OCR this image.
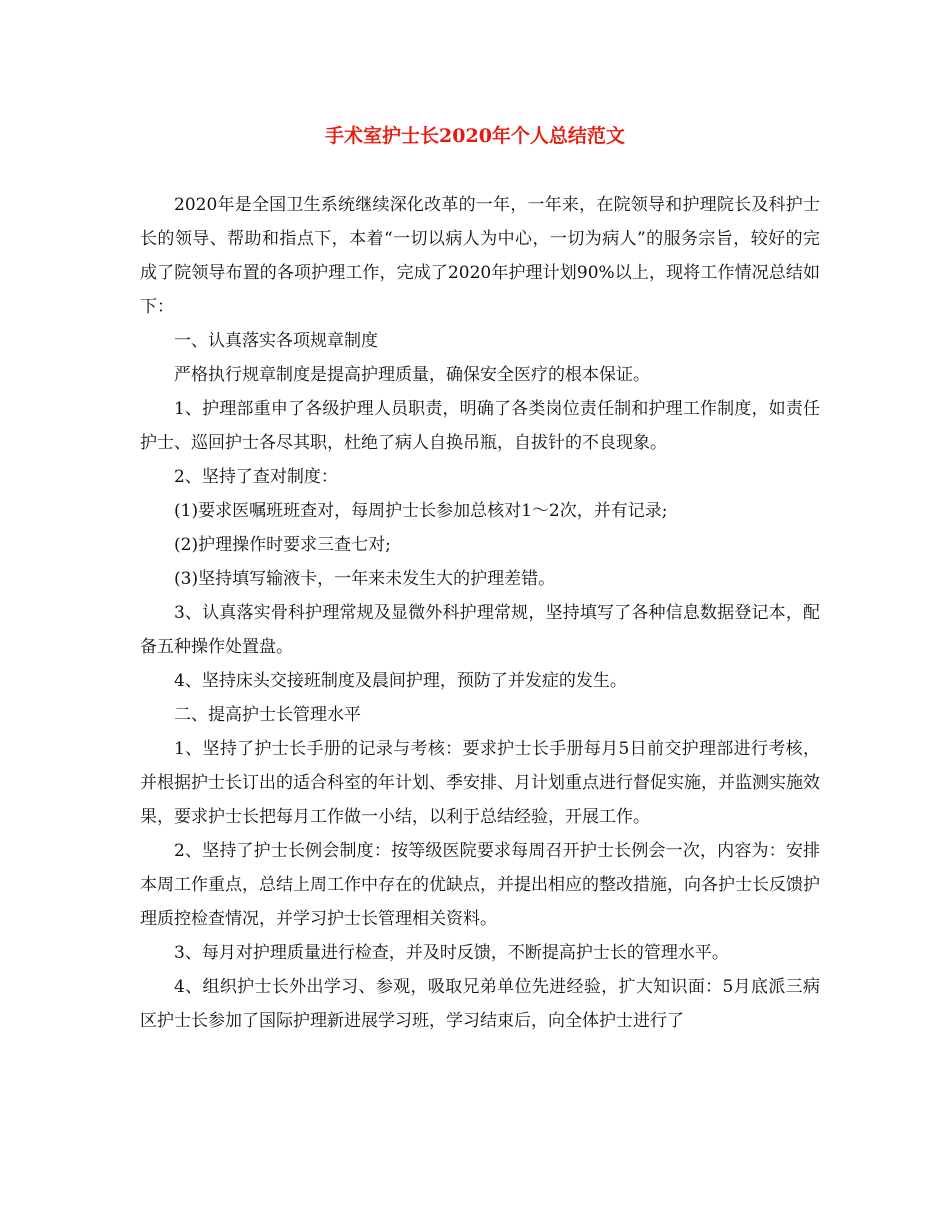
手术室护士长2020年个人总结范文

2020年是全国卫生系统继续深化改革的一年，一年来，在院领导和护理院长及科护士长的领导、帮助和指点下，本着“一切以病人为中心，一切为病人”的服务宗旨，较好的完成了院领导布置的各项护理工作，完成了2020年护理计划90%以上，现将工作情况总结如下：

一、认真落实各项规章制度

严格执行规章制度是提高护理质量，确保安全医疗的根本保证。

1、护理部重申了各级护理人员职责，明确了各类岗位责任制和护理工作制度，如责任护士、巡回护士各尽其职，杜绝了病人自换吊瓶，自拔针的不良现象。

2、坚持了查对制度：

(1)要求医嘱班班查对，每周护士长参加总核对1～2次，并有记录;

(2)护理操作时要求三查七对;

(3)坚持填写输液卡，一年来未发生大的护理差错。

3、认真落实骨科护理常规及显微外科护理常规，坚持填写了各种信息数据登记本，配备五种操作处置盘。

4、坚持床头交接班制度及晨间护理，预防了并发症的发生。

二、提高护士长管理水平

1、坚持了护士长手册的记录与考核：要求护士长手册每月5日前交护理部进行考核，并根据护士长订出的适合科室的年计划、季安排、月计划重点进行督促实施，并监测实施效果，要求护士长把每月工作做一小结，以利于总结经验，开展工作。

2、坚持了护士长例会制度：按等级医院要求每周召开护士长例会一次，内容为：安排本周工作重点，总结上周工作中存在的优缺点，并提出相应的整改措施，向各护士长反馈护理质控检查情况，并学习护士长管理相关资料。

3、每月对护理质量进行检查，并及时反馈，不断提高护士长的管理水平。

4、组织护士长外出学习、参观，吸取兄弟单位先进经验，扩大知识面：5月底派三病区护士长参加了国际护理新进展学习班，学习结束后，向全体护士进行了
